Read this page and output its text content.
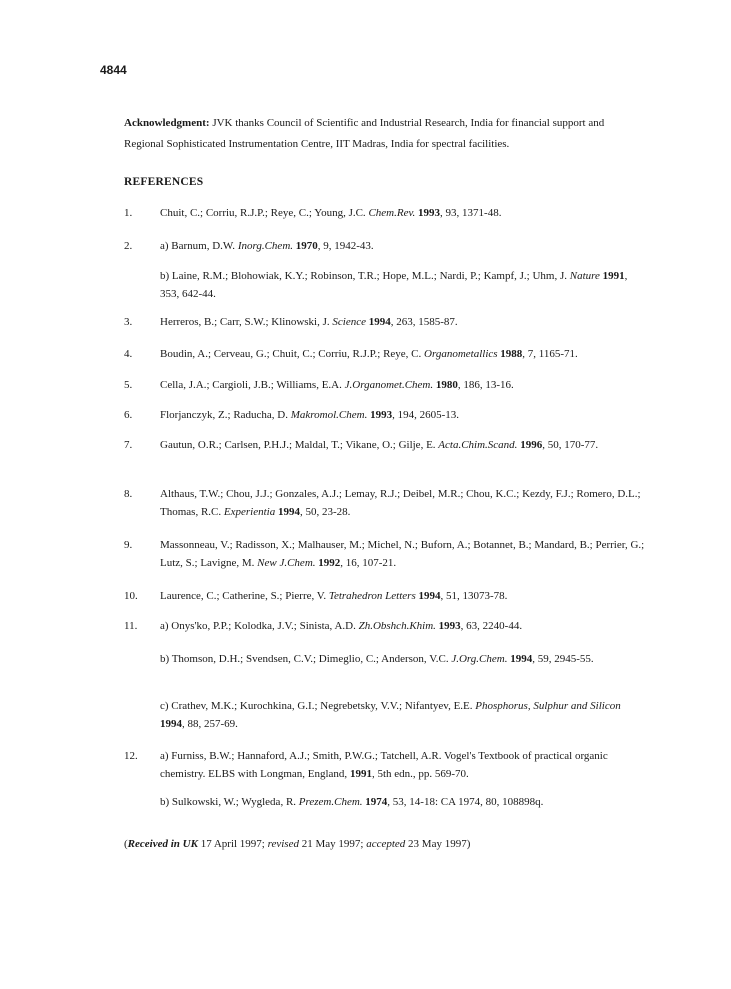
4844
Acknowledgment: JVK thanks Council of Scientific and Industrial Research, India for financial support and Regional Sophisticated Instrumentation Centre, IIT Madras, India for spectral facilities.
REFERENCES
1.	Chuit, C.; Corriu, R.J.P.; Reye, C.; Young, J.C. Chem.Rev. 1993, 93, 1371-48.
2.	a) Barnum, D.W. Inorg.Chem. 1970, 9, 1942-43.
b) Laine, R.M.; Blohowiak, K.Y.; Robinson, T.R.; Hope, M.L.; Nardi, P.; Kampf, J.; Uhm, J. Nature 1991, 353, 642-44.
3.	Herreros, B.; Carr, S.W.; Klinowski, J. Science 1994, 263, 1585-87.
4.	Boudin, A.; Cerveau, G.; Chuit, C.; Corriu, R.J.P.; Reye, C. Organometallics 1988, 7, 1165-71.
5.	Cella, J.A.; Cargioli, J.B.; Williams, E.A. J.Organomet.Chem. 1980, 186, 13-16.
6.	Florjanczyk, Z.; Raducha, D. Makromol.Chem. 1993, 194, 2605-13.
7.	Gautun, O.R.; Carlsen, P.H.J.; Maldal, T.; Vikane, O.; Gilje, E. Acta.Chim.Scand. 1996, 50, 170-77.
8.	Althaus, T.W.; Chou, J.J.; Gonzales, A.J.; Lemay, R.J.; Deibel, M.R.; Chou, K.C.; Kezdy, F.J.; Romero, D.L.; Thomas, R.C. Experientia 1994, 50, 23-28.
9.	Massonneau, V.; Radisson, X.; Malhauser, M.; Michel, N.; Buforn, A.; Botannet, B.; Mandard, B.; Perrier, G.; Lutz, S.; Lavigne, M. New J.Chem. 1992, 16, 107-21.
10. Laurence, C.; Catherine, S.; Pierre, V. Tetrahedron Letters 1994, 51, 13073-78.
11. a) Onys'ko, P.P.; Kolodka, J.V.; Sinista, A.D. Zh.Obshch.Khim. 1993, 63, 2240-44.
b) Thomson, D.H.; Svendsen, C.V.; Dimeglio, C.; Anderson, V.C. J.Org.Chem. 1994, 59, 2945-55.
c) Crathev, M.K.; Kurochkina, G.I.; Negrebetsky, V.V.; Nifantyev, E.E. Phosphorus, Sulphur and Silicon 1994, 88, 257-69.
12. a) Furniss, B.W.; Hannaford, A.J.; Smith, P.W.G.; Tatchell, A.R. Vogel's Textbook of practical organic chemistry. ELBS with Longman, England, 1991, 5th edn., pp. 569-70.
b) Sulkowski, W.; Wygleda, R. Prezem.Chem. 1974, 53, 14-18: CA 1974, 80, 108898q.
(Received in UK 17 April 1997; revised 21 May 1997; accepted 23 May 1997)
